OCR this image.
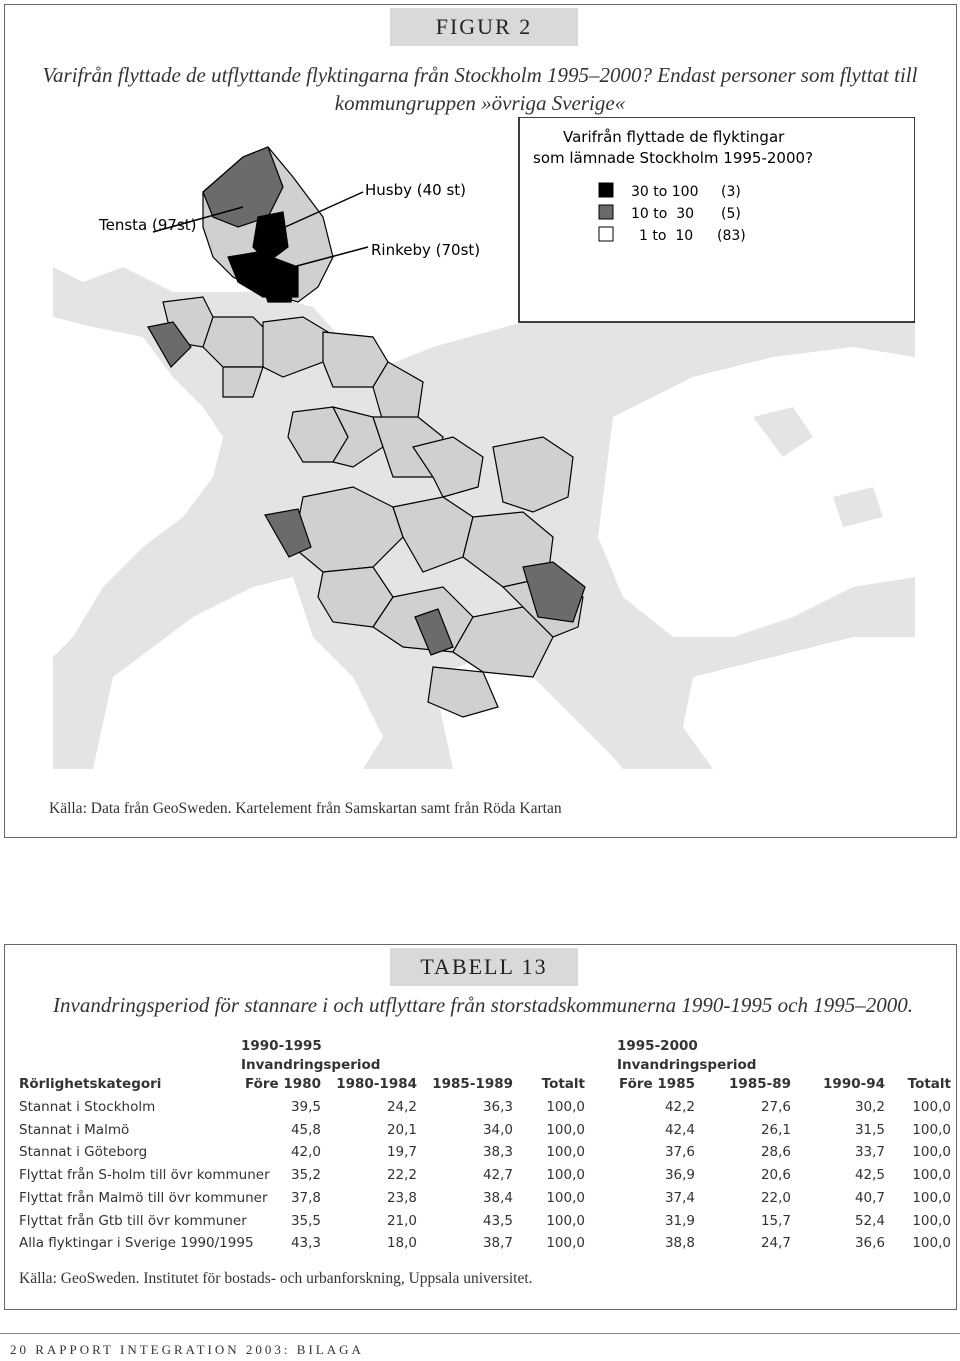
FIGUR 2
Varifrån flyttade de utflyttande flyktingarna från Stockholm 1995–2000? Endast personer som flyttat till kommungruppen »övriga Sverige«
Husby (40 st)
Tensta (97st)
Rinkeby (70st)
Varifrån flyttade de flyktingar
som lämnade Stockholm 1995-2000?
30 to 100 (3)
10 to  30 (5)
1 to  10 (83)
Källa: Data från GeoSweden. Kartelement från Samskartan samt från Röda Kartan
TABELL 13
Invandringsperiod för stannare i och utflyttare från storstadskommunerna 1990-1995 och 1995–2000.
1990-1995
Invandringsperiod
1995-2000
Invandringsperiod
Rörlighetskategori	Före 1980 1980-1984 1985-1989 Totalt	Före 1985	1985-89 1990-94 Totalt
Stannat i Stockholm	39,5	24,2	36,3 100,0	42,2	27,6	30,2 100,0
Stannat i Malmö	45,8	20,1	34,0 100,0	42,4	26,1	31,5 100,0
Stannat i Göteborg	42,0	19,7	38,3 100,0	37,6	28,6	33,7 100,0
Flyttat från S-holm till övr kommuner 35,2	22,2	42,7 100,0	36,9	20,6	42,5 100,0
Flyttat från Malmö till övr kommuner 37,8	23,8	38,4 100,0	37,4	22,0	40,7 100,0
Flyttat från Gtb till övr kommuner	35,5	21,0	43,5 100,0	31,9	15,7	52,4 100,0
Alla flyktingar i Sverige 1990/1995	43,3	18,0	38,7 100,0	38,8	24,7	36,6 100,0
Källa: GeoSweden. Institutet för bostads- och urbanforskning, Uppsala universitet.
20 RAPPORT INTEGRATION 2003: BILAGA
